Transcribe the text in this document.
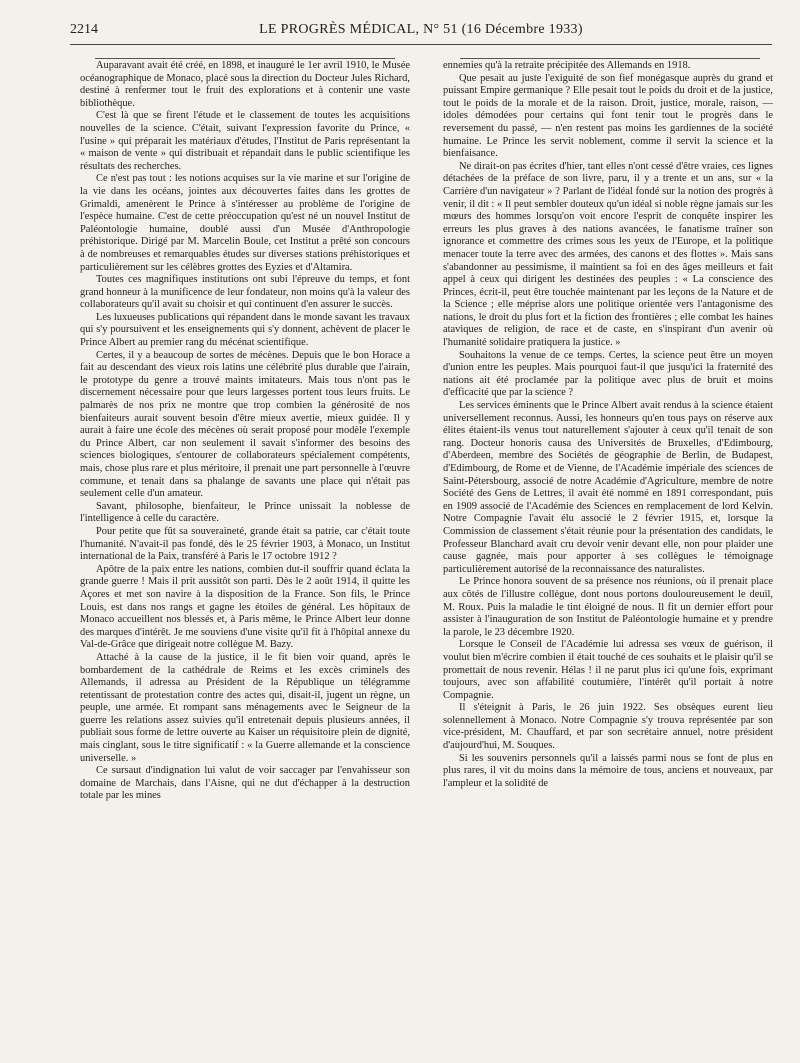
2214	LE PROGRÈS MÉDICAL, N° 51 (16 Décembre 1933)

Auparavant avait été créé, en 1898, et inauguré le 1er avril 1910, le Musée océanographique de Monaco, placé sous la direction du Docteur Jules Richard, destiné à renfermer tout le fruit des explorations et à contenir une vaste bibliothèque.

C'est là que se firent l'étude et le classement de toutes les acquisitions nouvelles de la science. C'était, suivant l'expression favorite du Prince, « l'usine » qui préparait les matériaux d'études, l'Institut de Paris représentant la « maison de vente » qui distribuait et répandait dans le public scientifique les résultats des recherches.

Ce n'est pas tout : les notions acquises sur la vie marine et sur l'origine de la vie dans les océans, jointes aux découvertes faites dans les grottes de Grimaldi, amenèrent le Prince à s'intéresser au problème de l'origine de l'espèce humaine. C'est de cette préoccupation qu'est né un nouvel Institut de Paléontologie humaine, doublé aussi d'un Musée d'Anthropologie préhistorique. Dirigé par M. Marcelin Boule, cet Institut a prêté son concours à de nombreuses et remarquables études sur diverses stations préhistoriques et particulièrement sur les célèbres grottes des Eyzies et d'Altamira.

Toutes ces magnifiques institutions ont subi l'épreuve du temps, et font grand honneur à la munificence de leur fondateur, non moins qu'à la valeur des collaborateurs qu'il avait su choisir et qui continuent d'en assurer le succès.

Les luxueuses publications qui répandent dans le monde savant les travaux qui s'y poursuivent et les enseignements qui s'y donnent, achèvent de placer le Prince Albert au premier rang du mécénat scientifique.

Certes, il y a beaucoup de sortes de mécènes. Depuis que le bon Horace a fait au descendant des vieux rois latins une célébrité plus durable que l'airain, le prototype du genre a trouvé maints imitateurs. Mais tous n'ont pas le discernement nécessaire pour que leurs largesses portent tous leurs fruits. Le palmarès de nos prix ne montre que trop combien la générosité de nos bienfaiteurs aurait souvent besoin d'être mieux avertie, mieux guidée. Il y aurait à faire une école des mécènes où serait proposé pour modèle l'exemple du Prince Albert, car non seulement il savait s'informer des besoins des sciences biologiques, s'entourer de collaborateurs spécialement compétents, mais, chose plus rare et plus méritoire, il prenait une part personnelle à l'œuvre commune, et tenait dans sa phalange de savants une place qui n'était pas seulement celle d'un amateur.

Savant, philosophe, bienfaiteur, le Prince unissait la noblesse de l'intelligence à celle du caractère.

Pour petite que fût sa souveraineté, grande était sa patrie, car c'était toute l'humanité. N'avait-il pas fondé, dès le 25 février 1903, à Monaco, un Institut international de la Paix, transféré à Paris le 17 octobre 1912 ?

Apôtre de la paix entre les nations, combien dut-il souffrir quand éclata la grande guerre ! Mais il prit aussitôt son parti. Dès le 2 août 1914, il quitte les Açores et met son navire à la disposition de la France. Son fils, le Prince Louis, est dans nos rangs et gagne les étoiles de général. Les hôpitaux de Monaco accueillent nos blessés et, à Paris même, le Prince Albert leur donne des marques d'intérêt. Je me souviens d'une visite qu'il fit à l'hôpital annexe du Val-de-Grâce que dirigeait notre collègue M. Bazy.

Attaché à la cause de la justice, il le fit bien voir quand, après le bombardement de la cathédrale de Reims et les excès criminels des Allemands, il adressa au Président de la République un télégramme retentissant de protestation contre des actes qui, disait-il, jugent un règne, un peuple, une armée. Et rompant sans ménagements avec le Seigneur de la guerre les relations assez suivies qu'il entretenait depuis plusieurs années, il publiait sous forme de lettre ouverte au Kaiser un réquisitoire plein de dignité, mais cinglant, sous le titre significatif : « la Guerre allemande et la conscience universelle. »

Ce sursaut d'indignation lui valut de voir saccager par l'envahisseur son domaine de Marchais, dans l'Aisne, qui ne dut d'échapper à la destruction totale par les mines

ennemies qu'à la retraite précipitée des Allemands en 1918.

Que pesait au juste l'exiguité de son fief monégasque auprès du grand et puissant Empire germanique ? Elle pesait tout le poids du droit et de la justice, tout le poids de la morale et de la raison. Droit, justice, morale, raison, — idoles démodées pour certains qui font tenir tout le progrès dans le reversement du passé, — n'en restent pas moins les gardiennes de la société humaine. Le Prince les servit noblement, comme il servit la science et la bienfaisance.

Ne dirait-on pas écrites d'hier, tant elles n'ont cessé d'être vraies, ces lignes détachées de la préface de son livre, paru, il y a trente et un ans, sur « la Carrière d'un navigateur » ? Parlant de l'idéal fondé sur la notion des progrès à venir, il dit : « Il peut sembler douteux qu'un idéal si noble règne jamais sur les mœurs des hommes lorsqu'on voit encore l'esprit de conquête inspirer les erreurs les plus graves à des nations avancées, le fanatisme traîner son ignorance et commettre des crimes sous les yeux de l'Europe, et la politique menacer toute la terre avec des armées, des canons et des flottes ». Mais sans s'abandonner au pessimisme, il maintient sa foi en des âges meilleurs et fait appel à ceux qui dirigent les destinées des peuples : « La conscience des Princes, écrit-il, peut être touchée maintenant par les leçons de la Nature et de la Science ; elle méprise alors une politique orientée vers l'antagonisme des nations, le droit du plus fort et la fiction des frontières ; elle combat les haines ataviques de religion, de race et de caste, en s'inspirant d'un avenir où l'humanité solidaire pratiquera la justice. »

Souhaitons la venue de ce temps. Certes, la science peut être un moyen d'union entre les peuples. Mais pourquoi faut-il que jusqu'ici la fraternité des nations ait été proclamée par la politique avec plus de bruit et moins d'efficacité que par la science ?

Les services éminents que le Prince Albert avait rendus à la science étaient universellement reconnus. Aussi, les honneurs qu'en tous pays on réserve aux élites étaient-ils venus tout naturellement s'ajouter à ceux qu'il tenait de son rang. Docteur honoris causa des Universités de Bruxelles, d'Edimbourg, d'Aberdeen, membre des Sociétés de géographie de Berlin, de Budapest, d'Edimbourg, de Rome et de Vienne, de l'Académie impériale des sciences de Saint-Pétersbourg, associé de notre Académie d'Agriculture, membre de notre Société des Gens de Lettres, il avait été nommé en 1891 correspondant, puis en 1909 associé de l'Académie des Sciences en remplacement de lord Kelvin. Notre Compagnie l'avait élu associé le 2 février 1915, et, lorsque la Commission de classement s'était réunie pour la présentation des candidats, le Professeur Blanchard avait cru devoir venir devant elle, non pour plaider une cause gagnée, mais pour apporter à ses collègues le témoignage particulièrement autorisé de la reconnaissance des naturalistes.

Le Prince honora souvent de sa présence nos réunions, où il prenait place aux côtés de l'illustre collègue, dont nous portons douloureusement le deuil, M. Roux. Puis la maladie le tint éloigné de nous. Il fit un dernier effort pour assister à l'inauguration de son Institut de Paléontologie humaine et y prendre la parole, le 23 décembre 1920.

Lorsque le Conseil de l'Académie lui adressa ses vœux de guérison, il voulut bien m'écrire combien il était touché de ces souhaits et le plaisir qu'il se promettait de nous revenir. Hélas ! il ne parut plus ici qu'une fois, exprimant toujours, avec son affabilité coutumière, l'intérêt qu'il portait à notre Compagnie.

Il s'éteignit à Paris, le 26 juin 1922. Ses obsèques eurent lieu solennellement à Monaco. Notre Compagnie s'y trouva représentée par son vice-président, M. Chauffard, et par son secrétaire annuel, notre président d'aujourd'hui, M. Souques.

Si les souvenirs personnels qu'il a laissés parmi nous se font de plus en plus rares, il vit du moins dans la mémoire de tous, anciens et nouveaux, par l'ampleur et la solidité de
